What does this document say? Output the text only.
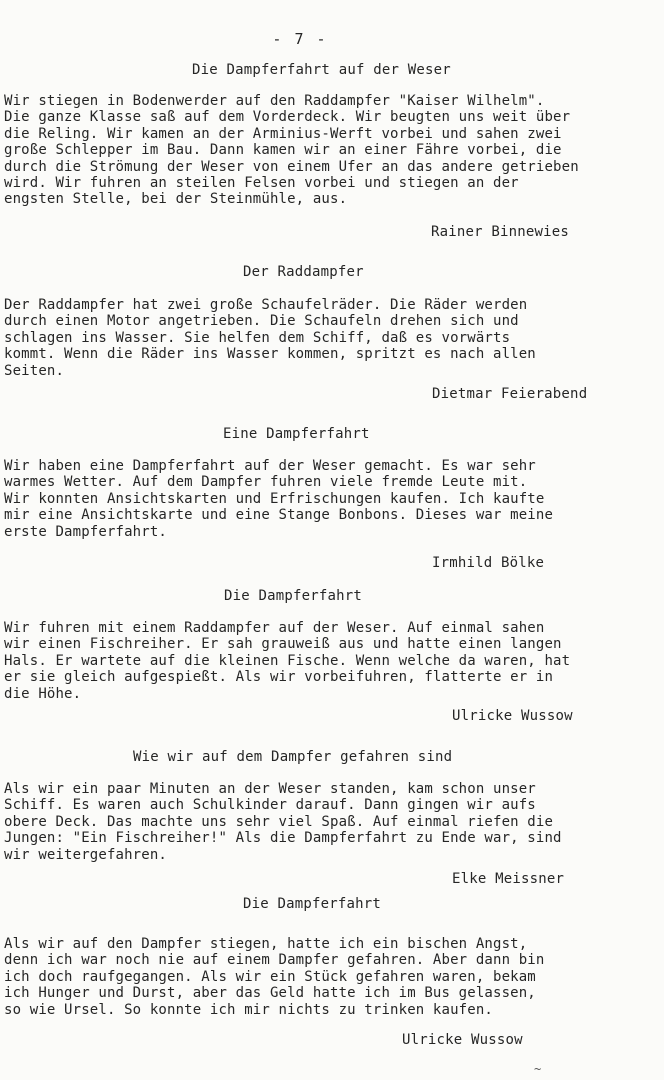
- 7 -
Die Dampferfahrt auf der Weser
Wir stiegen in Bodenwerder auf den Raddampfer "Kaiser Wilhelm".
Die ganze Klasse saß auf dem Vorderdeck. Wir beugten uns weit über
die Reling. Wir kamen an der Arminius-Werft vorbei und sahen zwei
große Schlepper im Bau. Dann kamen wir an einer Fähre vorbei, die
durch die Strömung der Weser von einem Ufer an das andere getrieben
wird. Wir fuhren an steilen Felsen vorbei und stiegen an der
engsten Stelle, bei der Steinmühle, aus.
Rainer Binnewies
Der Raddampfer
Der Raddampfer hat zwei große Schaufelräder. Die Räder werden
durch einen Motor angetrieben. Die Schaufeln drehen sich und
schlagen ins Wasser. Sie helfen dem Schiff, daß es vorwärts
kommt. Wenn die Räder ins Wasser kommen, spritzt es nach allen
Seiten.
Dietmar Feierabend
Eine Dampferfahrt
Wir haben eine Dampferfahrt auf der Weser gemacht. Es war sehr
warmes Wetter. Auf dem Dampfer fuhren viele fremde Leute mit.
Wir konnten Ansichtskarten und Erfrischungen kaufen. Ich kaufte
mir eine Ansichtskarte und eine Stange Bonbons. Dieses war meine
erste Dampferfahrt.
Irmhild Bölke
Die Dampferfahrt
Wir fuhren mit einem Raddampfer auf der Weser. Auf einmal sahen
wir einen Fischreiher. Er sah grauweiß aus und hatte einen langen
Hals. Er wartete auf die kleinen Fische. Wenn welche da waren, hat
er sie gleich aufgespießt. Als wir vorbeifuhren, flatterte er in
die Höhe.
Ulricke Wussow
Wie wir auf dem Dampfer gefahren sind
Als wir ein paar Minuten an der Weser standen, kam schon unser
Schiff. Es waren auch Schulkinder darauf. Dann gingen wir aufs
obere Deck. Das machte uns sehr viel Spaß. Auf einmal riefen die
Jungen: "Ein Fischreiher!" Als die Dampferfahrt zu Ende war, sind
wir weitergefahren.
Elke Meissner
Die Dampferfahrt
Als wir auf den Dampfer stiegen, hatte ich ein bischen Angst,
denn ich war noch nie auf einem Dampfer gefahren. Aber dann bin
ich doch raufgegangen. Als wir ein Stück gefahren waren, bekam
ich Hunger und Durst, aber das Geld hatte ich im Bus gelassen,
so wie Ursel. So konnte ich mir nichts zu trinken kaufen.
Ulricke Wussow
~
